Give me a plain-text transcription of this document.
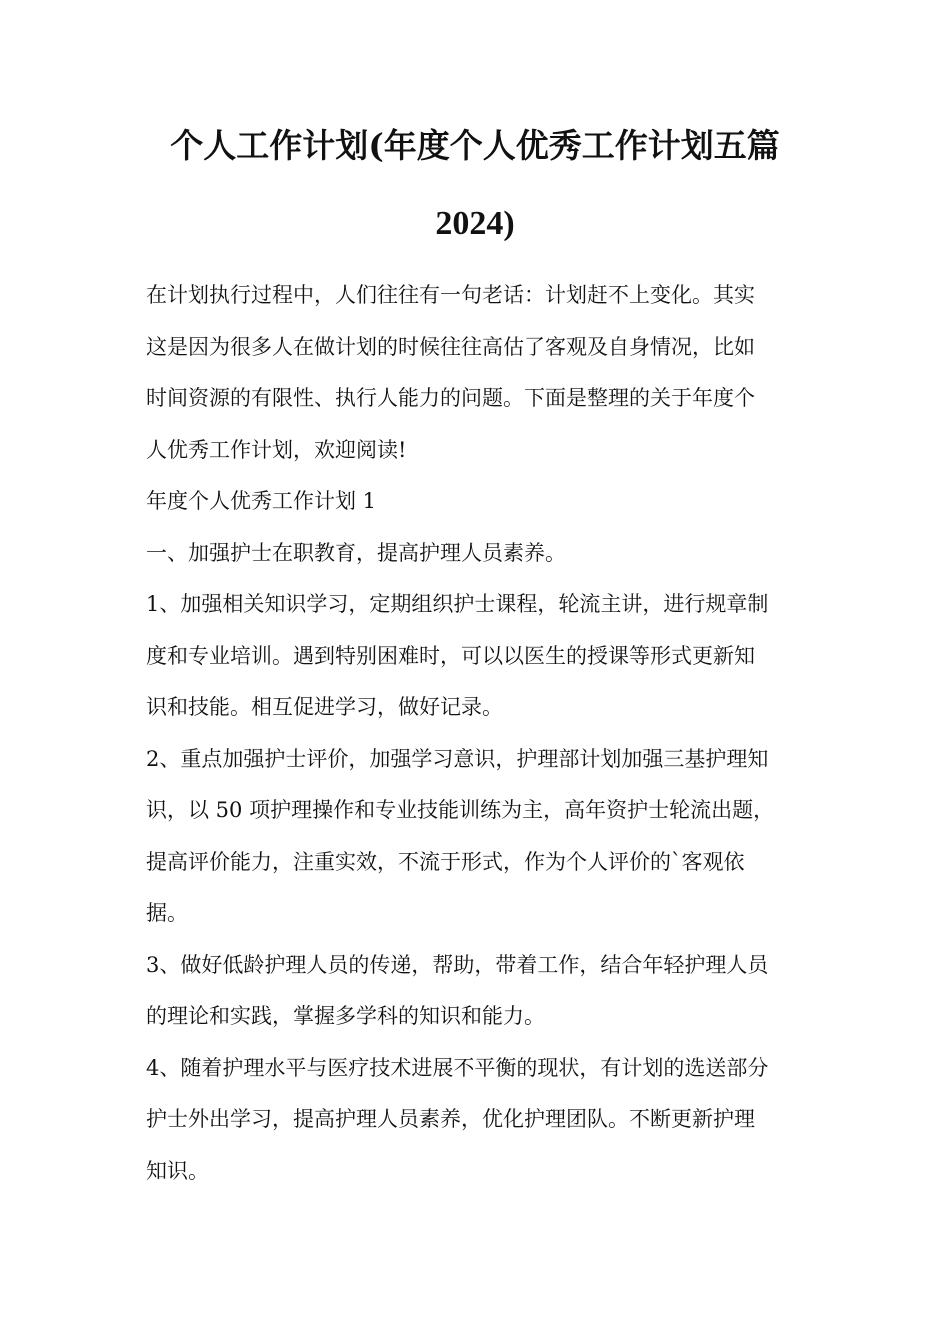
个人工作计划(年度个人优秀工作计划五篇
2024)

在计划执行过程中，人们往往有一句老话：计划赶不上变化。其实

这是因为很多人在做计划的时候往往高估了客观及自身情况，比如

时间资源的有限性、执行人能力的问题。下面是整理的关于年度个

人优秀工作计划，欢迎阅读!

年度个人优秀工作计划 1

一、加强护士在职教育，提高护理人员素养。

1、加强相关知识学习，定期组织护士课程，轮流主讲，进行规章制

度和专业培训。遇到特别困难时，可以以医生的授课等形式更新知

识和技能。相互促进学习，做好记录。

2、重点加强护士评价，加强学习意识，护理部计划加强三基护理知

识，以 50 项护理操作和专业技能训练为主，高年资护士轮流出题，

提高评价能力，注重实效，不流于形式，作为个人评价的`客观依

据。

3、做好低龄护理人员的传递，帮助，带着工作，结合年轻护理人员

的理论和实践，掌握多学科的知识和能力。

4、随着护理水平与医疗技术进展不平衡的现状，有计划的选送部分

护士外出学习，提高护理人员素养，优化护理团队。不断更新护理

知识。
